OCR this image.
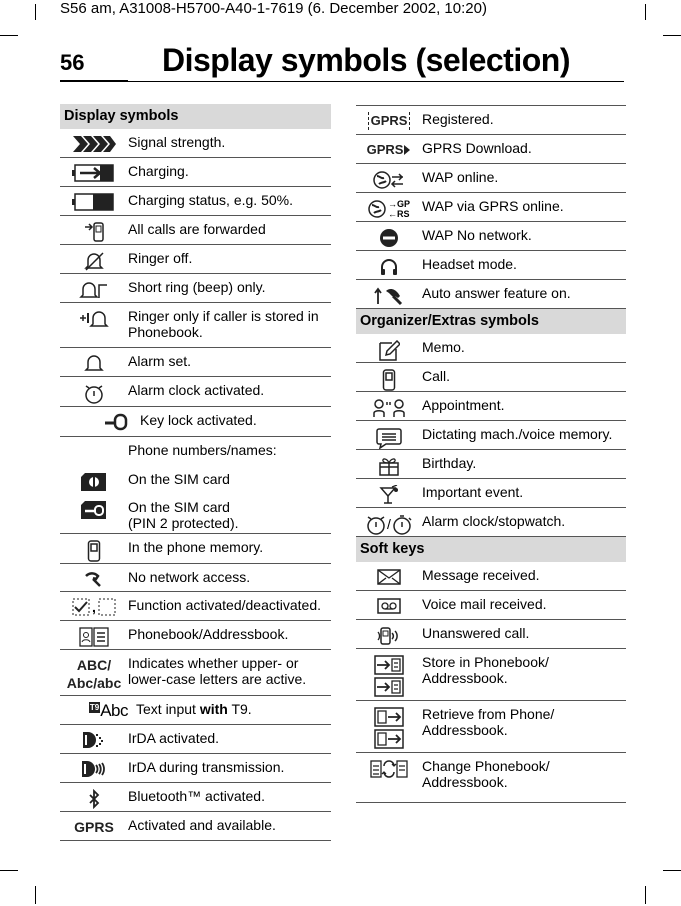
S56 am, A31008-H5700-A40-1-7619 (6. December 2002, 10:20)
56 Display symbols (selection)
Display symbols
Signal strength.
Charging.
Charging status, e.g. 50%.
All calls are forwarded
Ringer off.
Short ring (beep) only.
Ringer only if caller is stored in Phonebook.
Alarm set.
Alarm clock activated.
Key lock activated.
Phone numbers/names:
On the SIM card
On the SIM card
(PIN 2 protected).
In the phone memory.
No network access.
, Function activated/deactivated.
Phonebook/Addressbook.
ABC/
Abc/abc
Indicates whether upper- or lower-case letters are active.
T9 Abc Text input with T9.
IrDA activated.
IrDA during transmission.
Bluetooth™ activated.
GPRS Activated and available.
GPRS Registered.
GPRS GPRS Download.
WAP online.
→GP
←RS WAP via GPRS online.
WAP No network.
Headset mode.
Auto answer feature on.
Organizer/Extras symbols
Memo.
Call.
Appointment.
Dictating mach./voice memory.
Birthday.
Important event.
/ Alarm clock/stopwatch.
Soft keys
Message received.
Voice mail received.
Unanswered call.
Store in Phonebook/ Addressbook.
Retrieve from Phone/ Addressbook.
Change Phonebook/ Addressbook.
